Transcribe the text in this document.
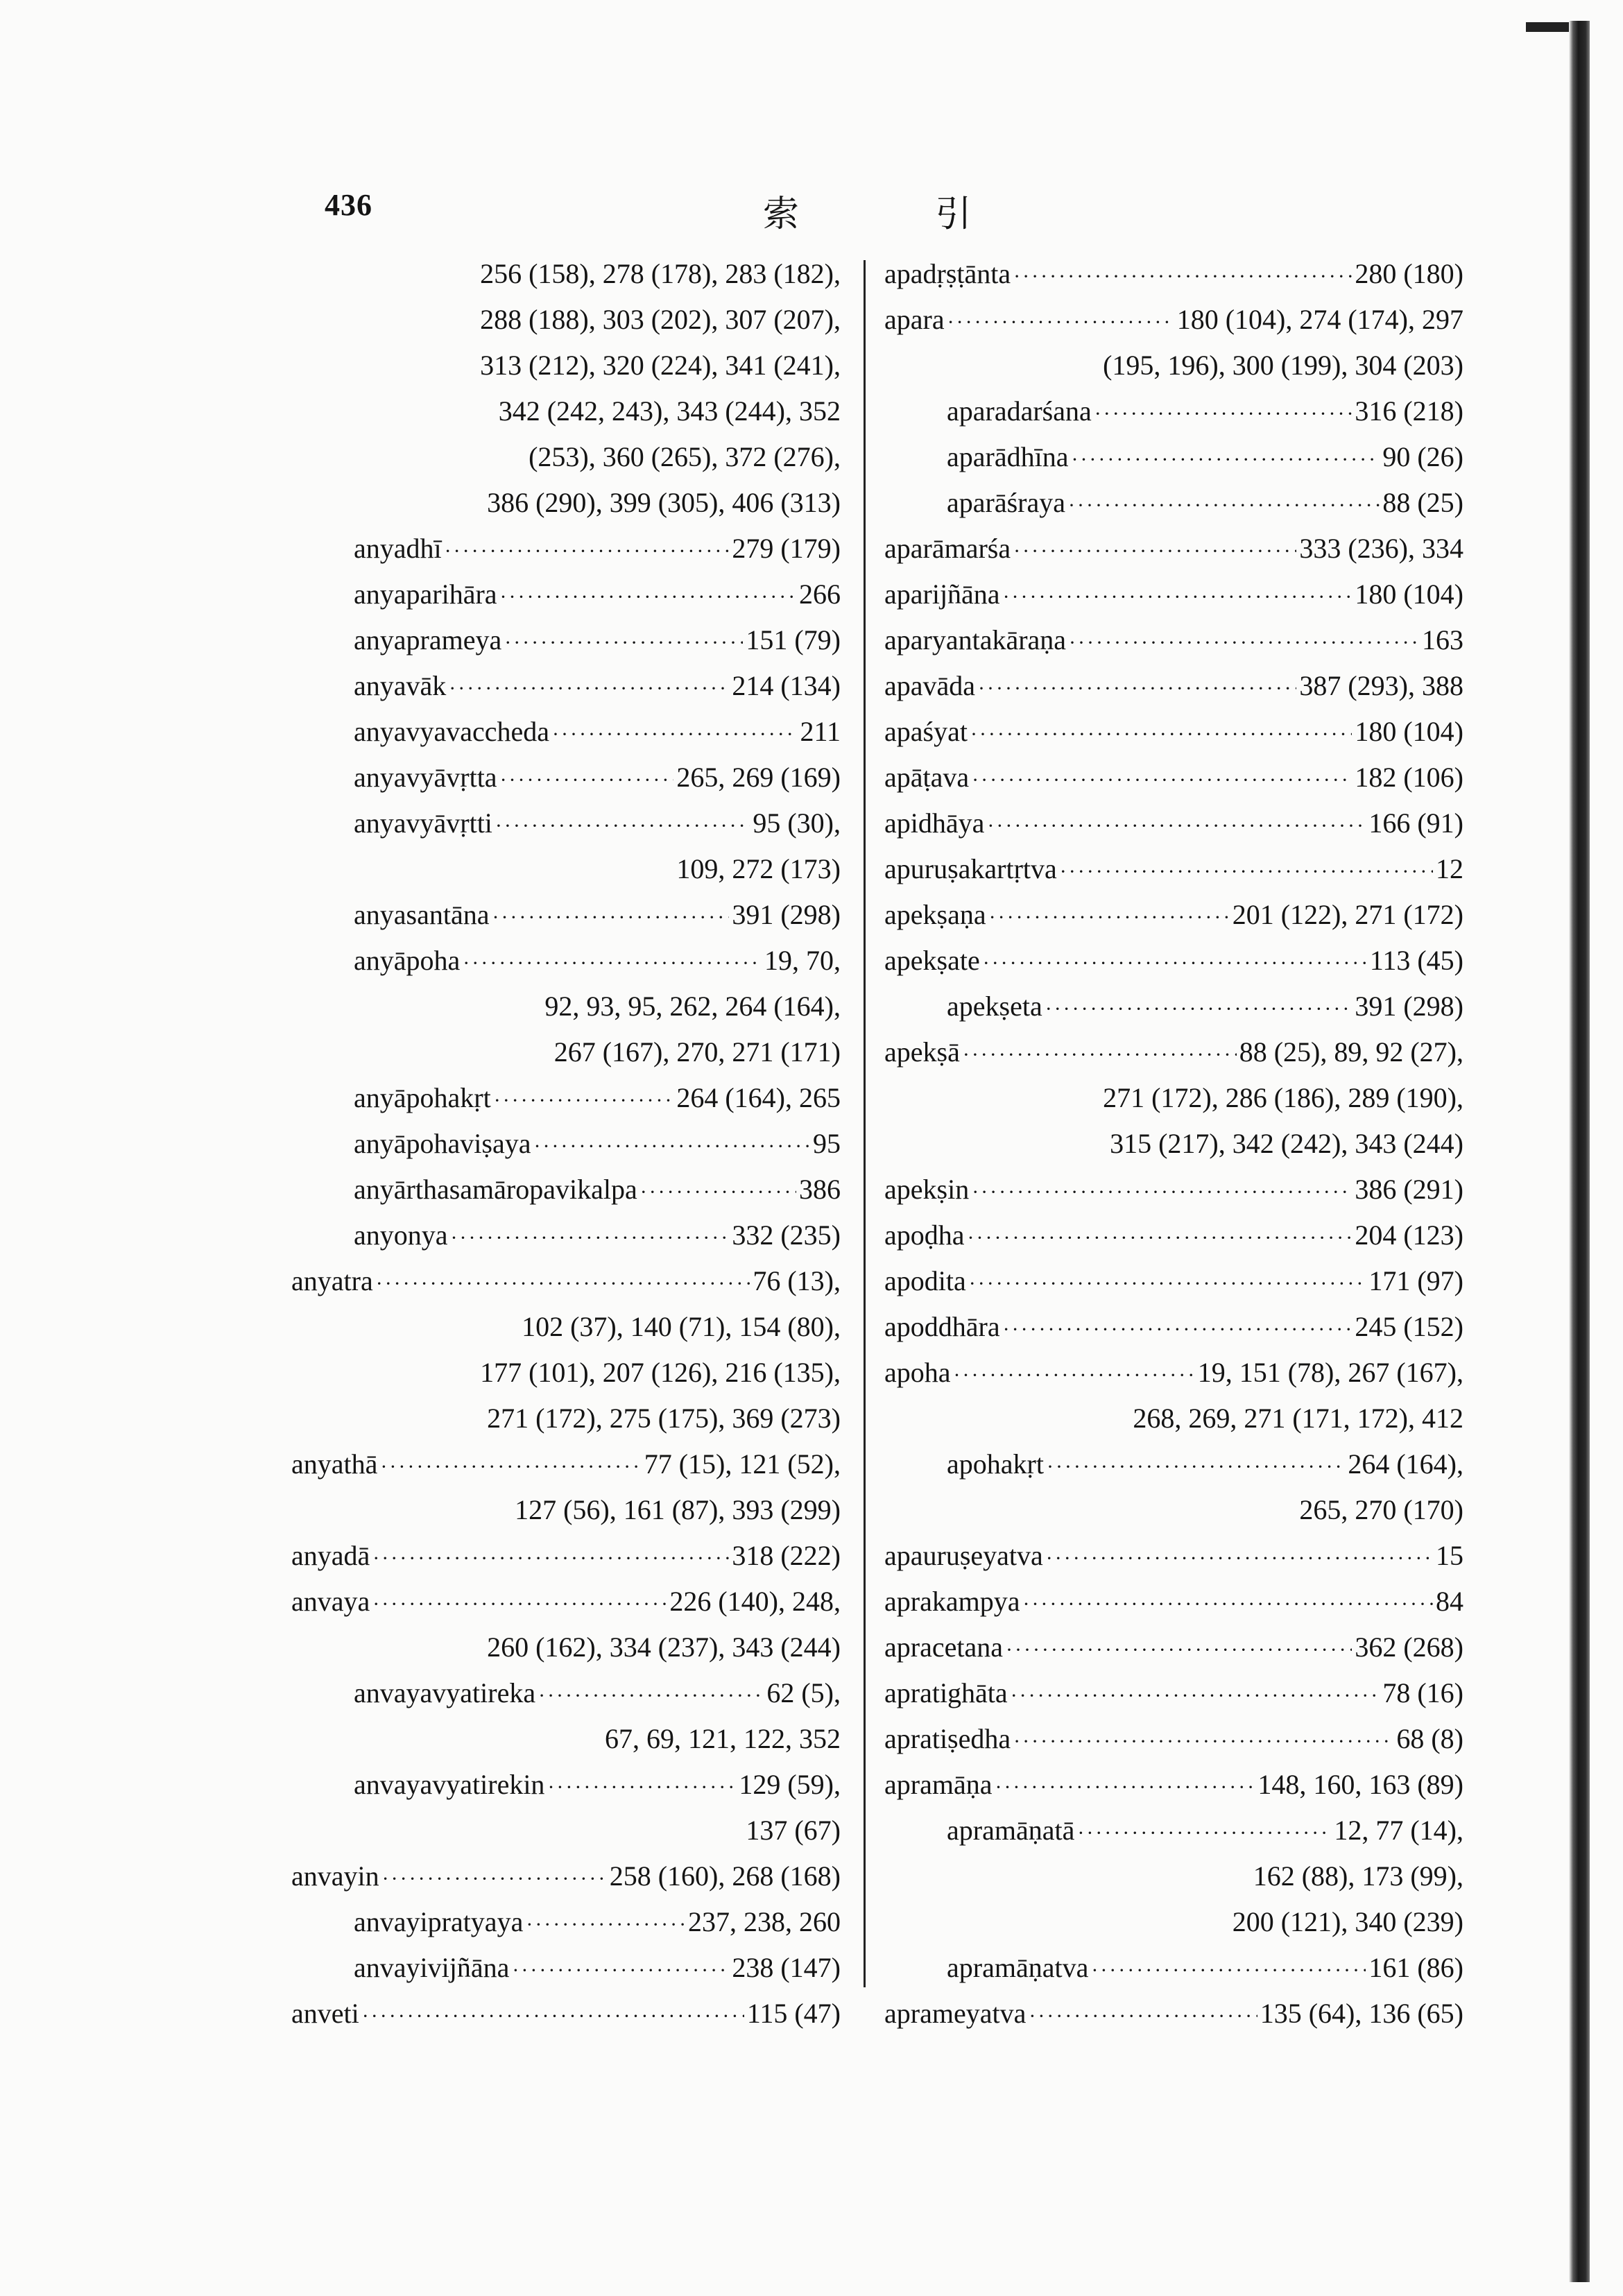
436	索 引
256 (158), 278 (178), 283 (182),
288 (188), 303 (202), 307 (207),
313 (212), 320 (224), 341 (241),
342 (242, 243), 343 (244), 352
(253), 360 (265), 372 (276),
386 (290), 399 (305), 406 (313)
anyadhī ·····	279 (179)
anyaparihāra ·····	266
anyaprameya ·····	151 (79)
anyavāk ·····	214 (134)
anyavyavaccheda ·····	211
anyavyāvṛtta ·····	265, 269 (169)
anyavyāvṛtti ·····	95 (30),
109, 272 (173)
anyasantāna ·····	391 (298)
anyāpoha ·····	19, 70,
92, 93, 95, 262, 264 (164),
267 (167), 270, 271 (171)
anyāpohakṛt ·····	264 (164), 265
anyāpohaviṣaya ·····	95
anyārthasamāropavikalpa ·····	386
anyonya ·····	332 (235)
anyatra ·····	76 (13),
102 (37), 140 (71), 154 (80),
177 (101), 207 (126), 216 (135),
271 (172), 275 (175), 369 (273)
anyathā ·····	77 (15), 121 (52),
127 (56), 161 (87), 393 (299)
anyadā ·····	318 (222)
anvaya ·····	226 (140), 248,
260 (162), 334 (237), 343 (244)
anvayavyatireka ·····	62 (5),
67, 69, 121, 122, 352
anvayavyatirekin ·····	129 (59),
137 (67)
anvayin ·····	258 (160), 268 (168)
anvayipratyaya ·····	237, 238, 260
anvayivijñāna ·····	238 (147)
anveti ·····	115 (47)
apadṛṣṭānta ·····	280 (180)
apara ·····	180 (104), 274 (174), 297
(195, 196), 300 (199), 304 (203)
aparadarśana ·····	316 (218)
aparādhīna ·····	90 (26)
aparāśraya ·····	88 (25)
aparāmarśa ·····	333 (236), 334
aparijñāna ·····	180 (104)
aparyantakāraṇa ·····	163
apavāda ·····	387 (293), 388
apaśyat ·····	180 (104)
apāṭava ·····	182 (106)
apidhāya ·····	166 (91)
apuruṣakartṛtva ·····	12
apekṣaṇa ·····	201 (122), 271 (172)
apekṣate ·····	113 (45)
apekṣeta ·····	391 (298)
apekṣā ·····	88 (25), 89, 92 (27),
271 (172), 286 (186), 289 (190),
315 (217), 342 (242), 343 (244)
apekṣin ·····	386 (291)
apoḍha ·····	204 (123)
apodita ·····	171 (97)
apoddhāra ·····	245 (152)
apoha ·····	19, 151 (78), 267 (167),
268, 269, 271 (171, 172), 412
apohakṛt ·····	264 (164),
265, 270 (170)
apauruṣeyatva ·····	15
aprakampya ·····	84
apracetana ·····	362 (268)
apratighāta ·····	78 (16)
apratiṣedha ·····	68 (8)
apramāṇa ·····	148, 160, 163 (89)
apramāṇatā ·····	12, 77 (14),
162 (88), 173 (99),
200 (121), 340 (239)
apramāṇatva ·····	161 (86)
aprameyatva ·····	135 (64), 136 (65)
